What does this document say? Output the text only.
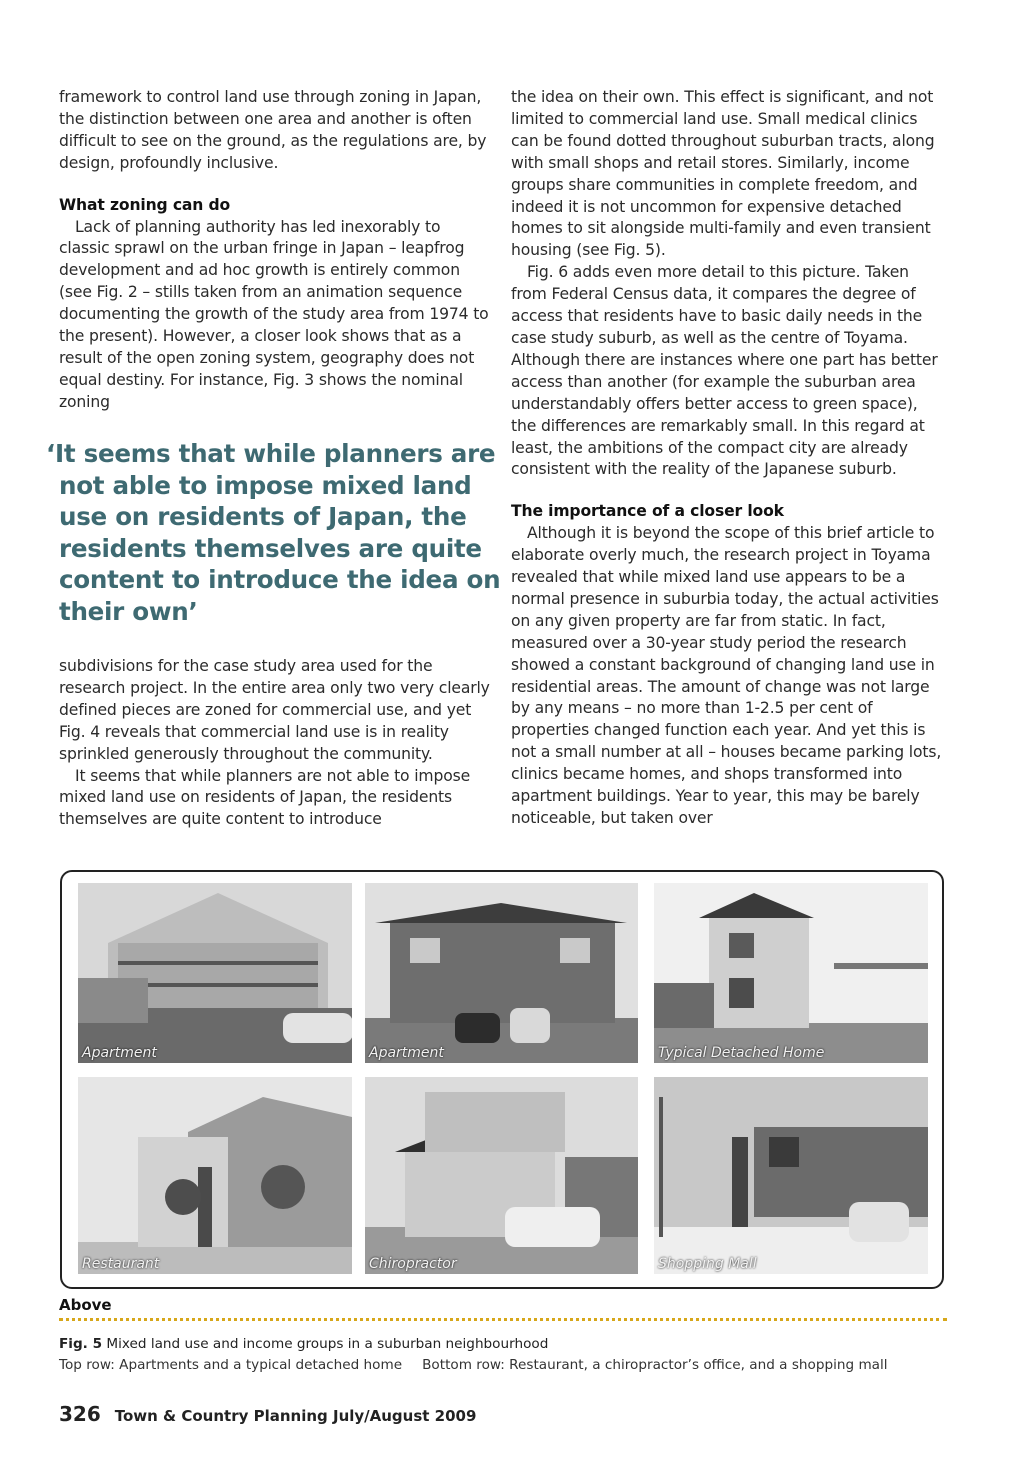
framework to control land use through zoning in Japan, the distinction between one area and another is often difficult to see on the ground, as the regulations are, by design, profoundly inclusive.

What zoning can do

Lack of planning authority has led inexorably to classic sprawl on the urban fringe in Japan – leapfrog development and ad hoc growth is entirely common (see Fig. 2 – stills taken from an animation sequence documenting the growth of the study area from 1974 to the present). However, a closer look shows that as a result of the open zoning system, geography does not equal destiny. For instance, Fig. 3 shows the nominal zoning

‘It seems that while planners are not able to impose mixed land use on residents of Japan, the residents themselves are quite content to introduce the idea on their own’

subdivisions for the case study area used for the research project. In the entire area only two very clearly defined pieces are zoned for commercial use, and yet Fig. 4 reveals that commercial land use is in reality sprinkled generously throughout the community.

It seems that while planners are not able to impose mixed land use on residents of Japan, the residents themselves are quite content to introduce

the idea on their own. This effect is significant, and not limited to commercial land use. Small medical clinics can be found dotted throughout suburban tracts, along with small shops and retail stores. Similarly, income groups share communities in complete freedom, and indeed it is not uncommon for expensive detached homes to sit alongside multi-family and even transient housing (see Fig. 5).

Fig. 6 adds even more detail to this picture. Taken from Federal Census data, it compares the degree of access that residents have to basic daily needs in the case study suburb, as well as the centre of Toyama. Although there are instances where one part has better access than another (for example the suburban area understandably offers better access to green space), the differences are remarkably small. In this regard at least, the ambitions of the compact city are already consistent with the reality of the Japanese suburb.

The importance of a closer look

Although it is beyond the scope of this brief article to elaborate overly much, the research project in Toyama revealed that while mixed land use appears to be a normal presence in suburbia today, the actual activities on any given property are far from static. In fact, measured over a 30-year study period the research showed a constant background of changing land use in residential areas. The amount of change was not large by any means – no more than 1-2.5 per cent of properties changed function each year. And yet this is not a small number at all – houses became parking lots, clinics became homes, and shops transformed into apartment buildings. Year to year, this may be barely noticeable, but taken over

Apartment	Apartment	Typical Detached Home
Restaurant	Chiropractor	Shopping Mall
Above
Fig. 5 Mixed land use and income groups in a suburban neighbourhood
Top row: Apartments and a typical detached home Bottom row: Restaurant, a chiropractor’s office, and a shopping mall
326 Town & Country Planning July/August 2009
